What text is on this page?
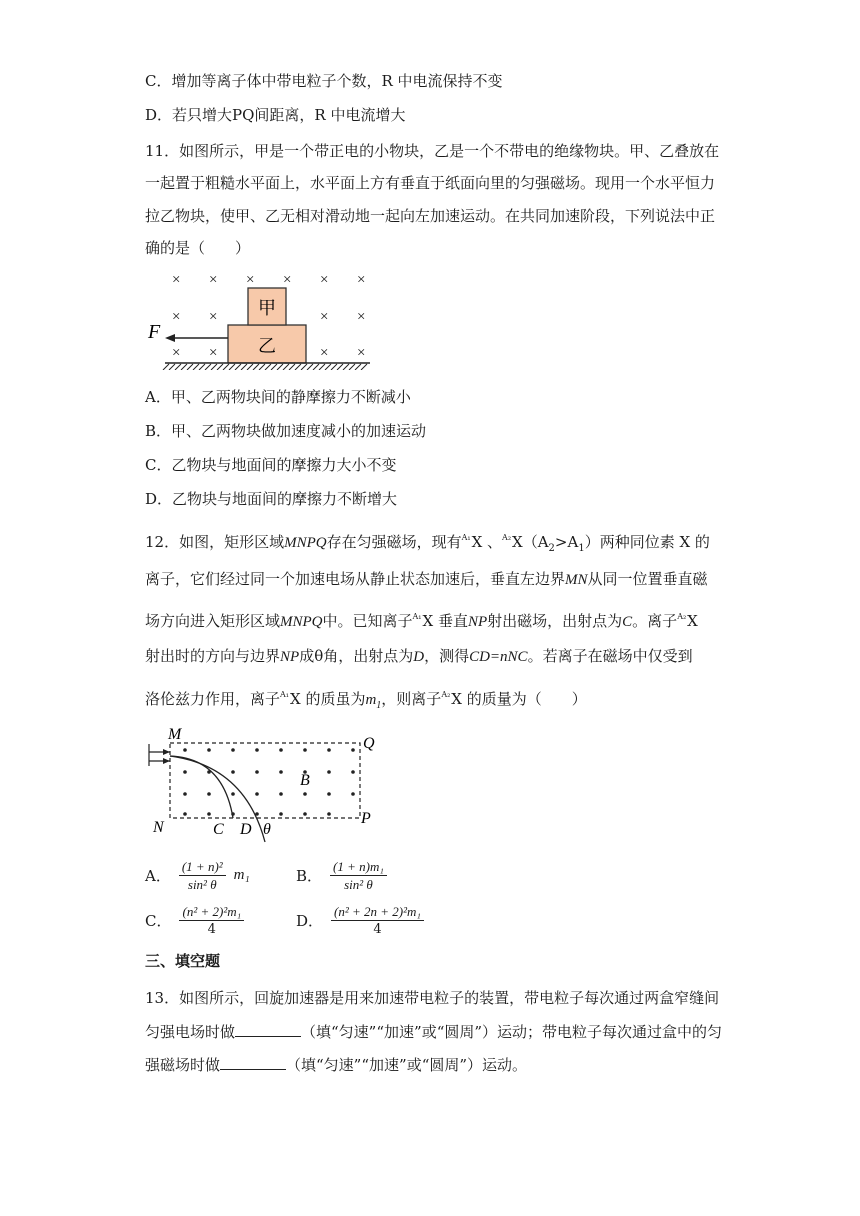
C．增加等离子体中带电粒子个数，R 中电流保持不变
D．若只增大PQ间距离，R 中电流增大
11．如图所示，甲是一个带正电的小物块，乙是一个不带电的绝缘物块。甲、乙叠放在
一起置于粗糙水平面上，水平面上方有垂直于纸面向里的匀强磁场。现用一个水平恒力
拉乙物块，使甲、乙无相对滑动地一起向左加速运动。在共同加速阶段，下列说法中正
确的是（　　）
× × × × × ×
× ×	× ×
× ×	× ×
甲
乙
F
A．甲、乙两物块间的静摩擦力不断减小
B．甲、乙两物块做加速度减小的加速运动
C．乙物块与地面间的摩擦力大小不变
D．乙物块与地面间的摩擦力不断增大
12．如图，矩形区域MNPQ存在匀强磁场，现有$^{A_1}$X 、$^{A_2}X(A_2>A_1)$两种同位素 X 的
离子，它们经过同一个加速电场从静止状态加速后，垂直左边界MN从同一位置垂直磁
场方向进入矩形区域MNPQ中。已知离子$^{A_1}$X 垂直NP射出磁场，出射点为C。离子$^{A_2}$X
射出时的方向与边界NP成θ角，出射点为D，测得CD=nNC。若离子在磁场中仅受到
洛伦兹力作用，离子$^{A_1}$X 的质虽为$m_1$，则离子$^{A_2}$X 的质量为（　　）
M
Q
N
P
B
C D θ
A． $\frac{\text{(1 + n)²}}{\text{sin² θ}} m_1$	B． $\frac{\text{(1 + n)m₁}}{\text{sin² θ}}$
C． $\frac{\text{(n² + 2)²m₁}}{4}$	D． $\frac{\text{(n² + 2n + 2)²m₁}}{4}$
三、填空题
13．如图所示，回旋加速器是用来加速带电粒子的装置，带电粒子每次通过两盒窄缝间
匀强电场时做	（填“匀速”“加速”或“圆周”）运动；带电粒子每次通过盒中的匀
强磁场时做	（填“匀速”“加速”或“圆周”）运动。
